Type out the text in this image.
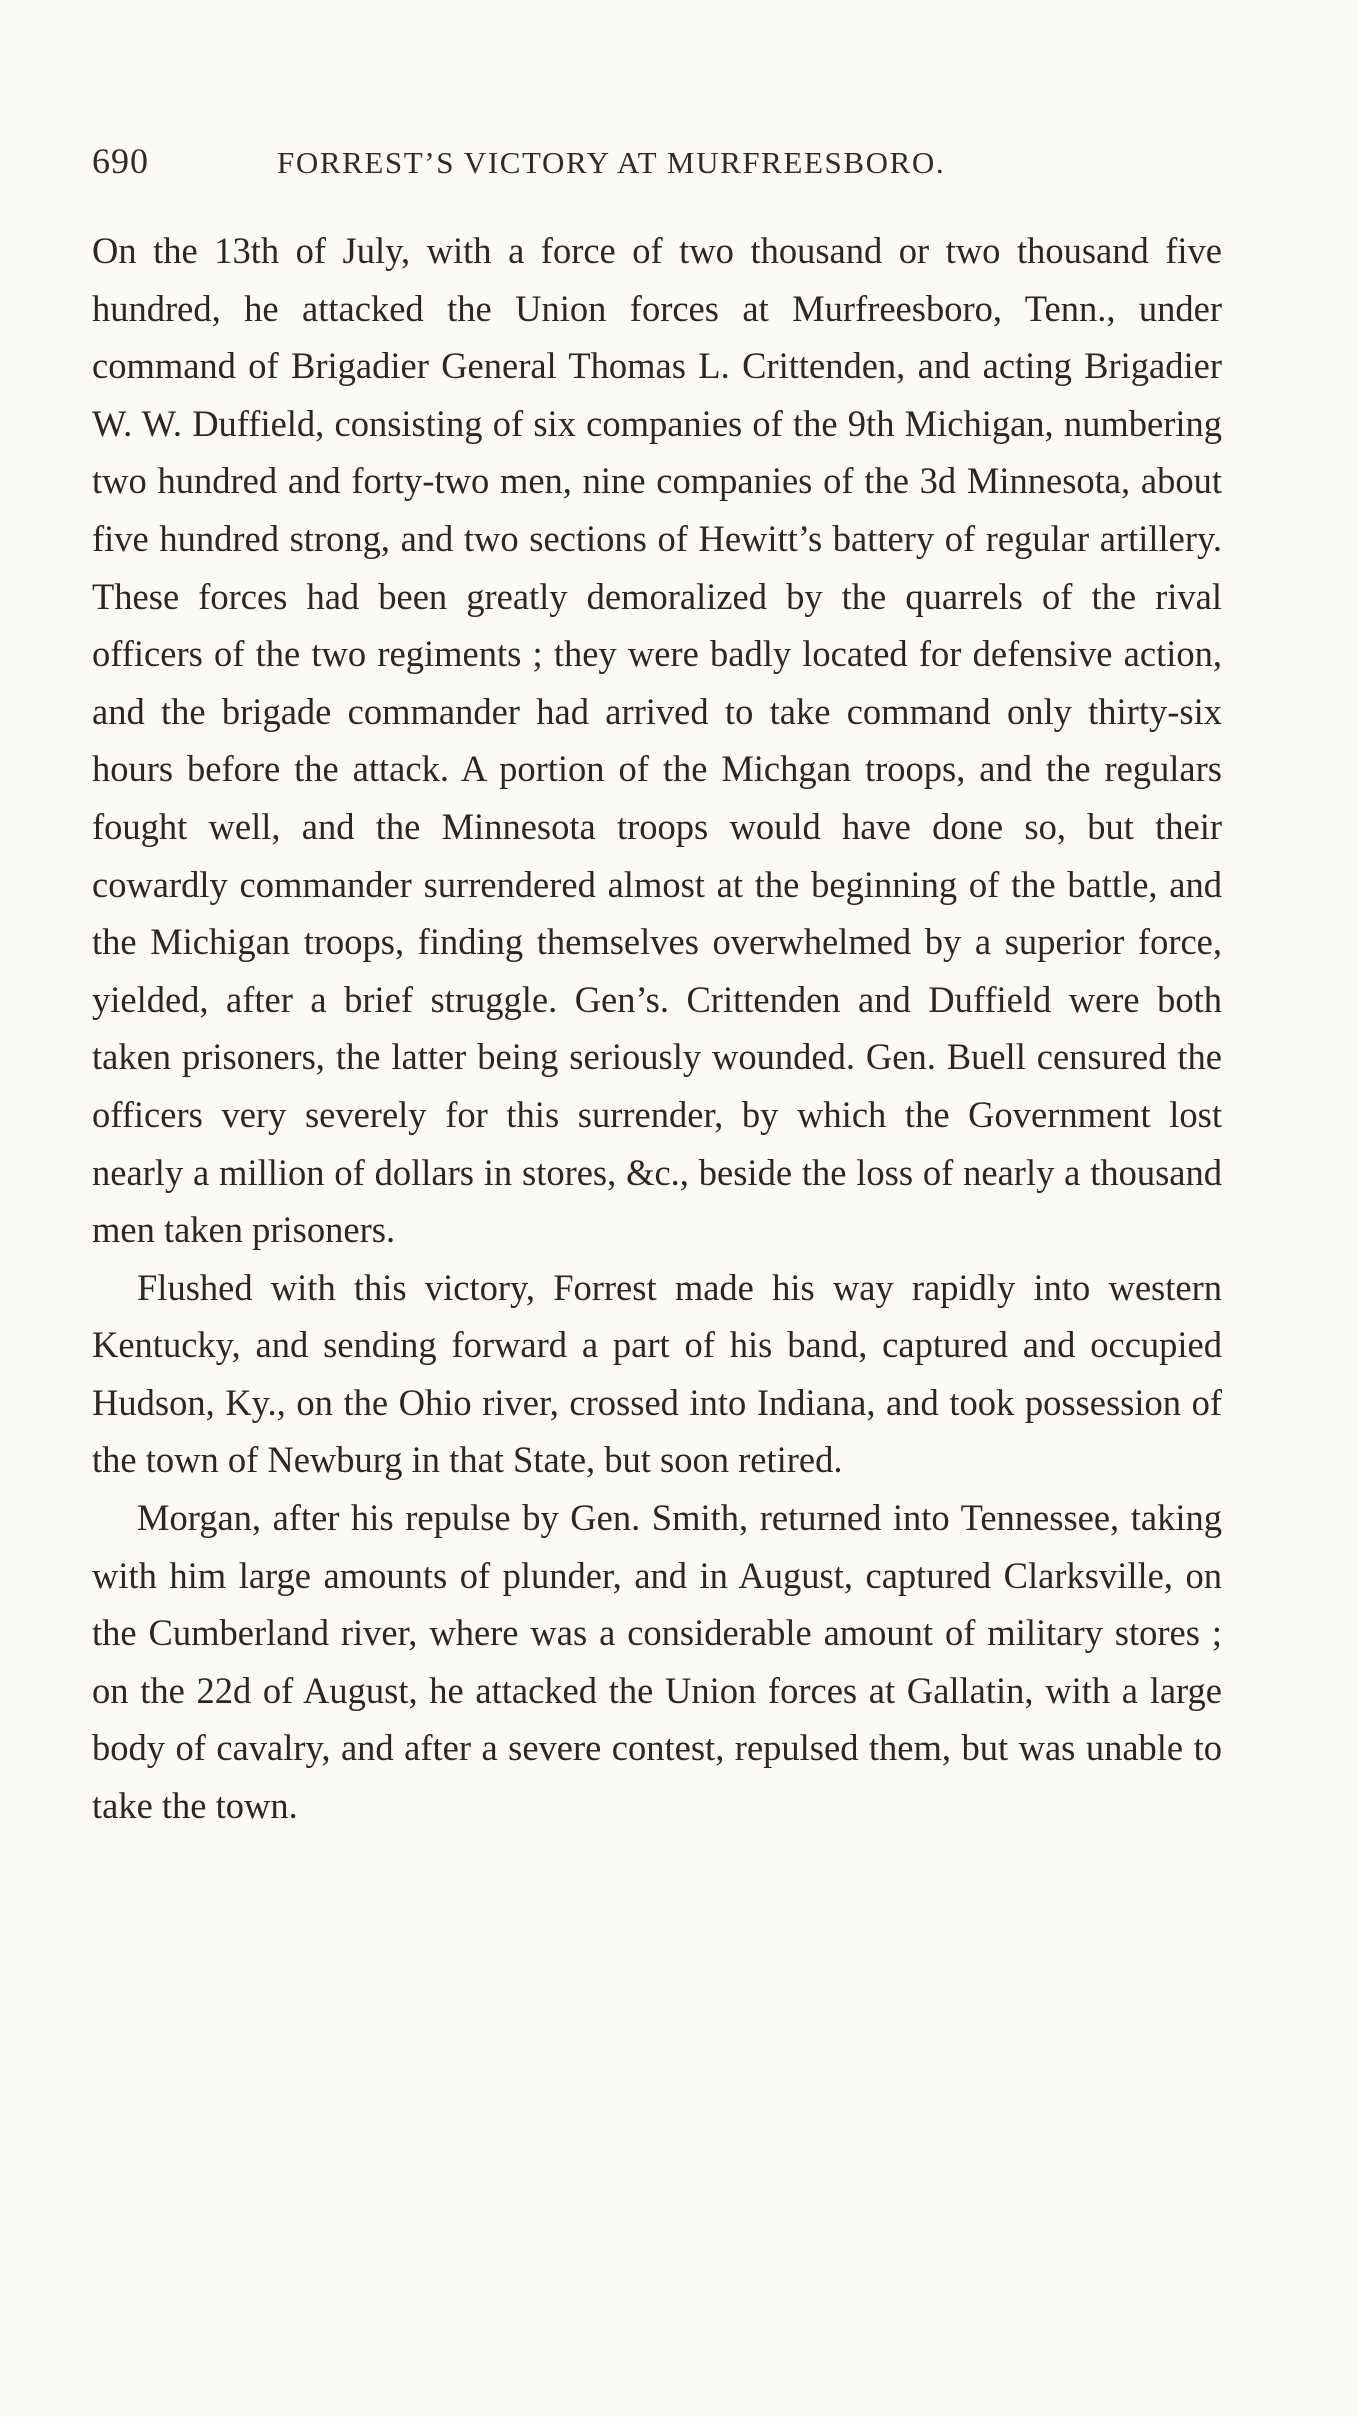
690	FORREST’S VICTORY AT MURFREESBORO.

On the 13th of July, with a force of two thousand or two thousand five hundred, he attacked the Union forces at Murfreesboro, Tenn., under command of Brigadier General Thomas L. Crittenden, and acting Brigadier W. W. Duffield, consisting of six companies of the 9th Michigan, numbering two hundred and forty-two men, nine companies of the 3d Minnesota, about five hundred strong, and two sections of Hewitt’s battery of regular artillery. These forces had been greatly demoralized by the quarrels of the rival officers of the two regiments ; they were badly located for defensive action, and the brigade commander had arrived to take command only thirty-six hours before the attack. A portion of the Michgan troops, and the regulars fought well, and the Minnesota troops would have done so, but their cowardly commander surrendered almost at the beginning of the battle, and the Michigan troops, finding themselves overwhelmed by a superior force, yielded, after a brief struggle. Gen’s. Crittenden and Duffield were both taken prisoners, the latter being seriously wounded. Gen. Buell censured the officers very severely for this surrender, by which the Government lost nearly a million of dollars in stores, &c., beside the loss of nearly a thousand men taken prisoners.

Flushed with this victory, Forrest made his way rapidly into western Kentucky, and sending forward a part of his band, captured and occupied Hudson, Ky., on the Ohio river, crossed into Indiana, and took possession of the town of Newburg in that State, but soon retired.

Morgan, after his repulse by Gen. Smith, returned into Tennessee, taking with him large amounts of plunder, and in August, captured Clarksville, on the Cumberland river, where was a considerable amount of military stores ; on the 22d of August, he attacked the Union forces at Gallatin, with a large body of cavalry, and after a severe contest, repulsed them, but was unable to take the town.
